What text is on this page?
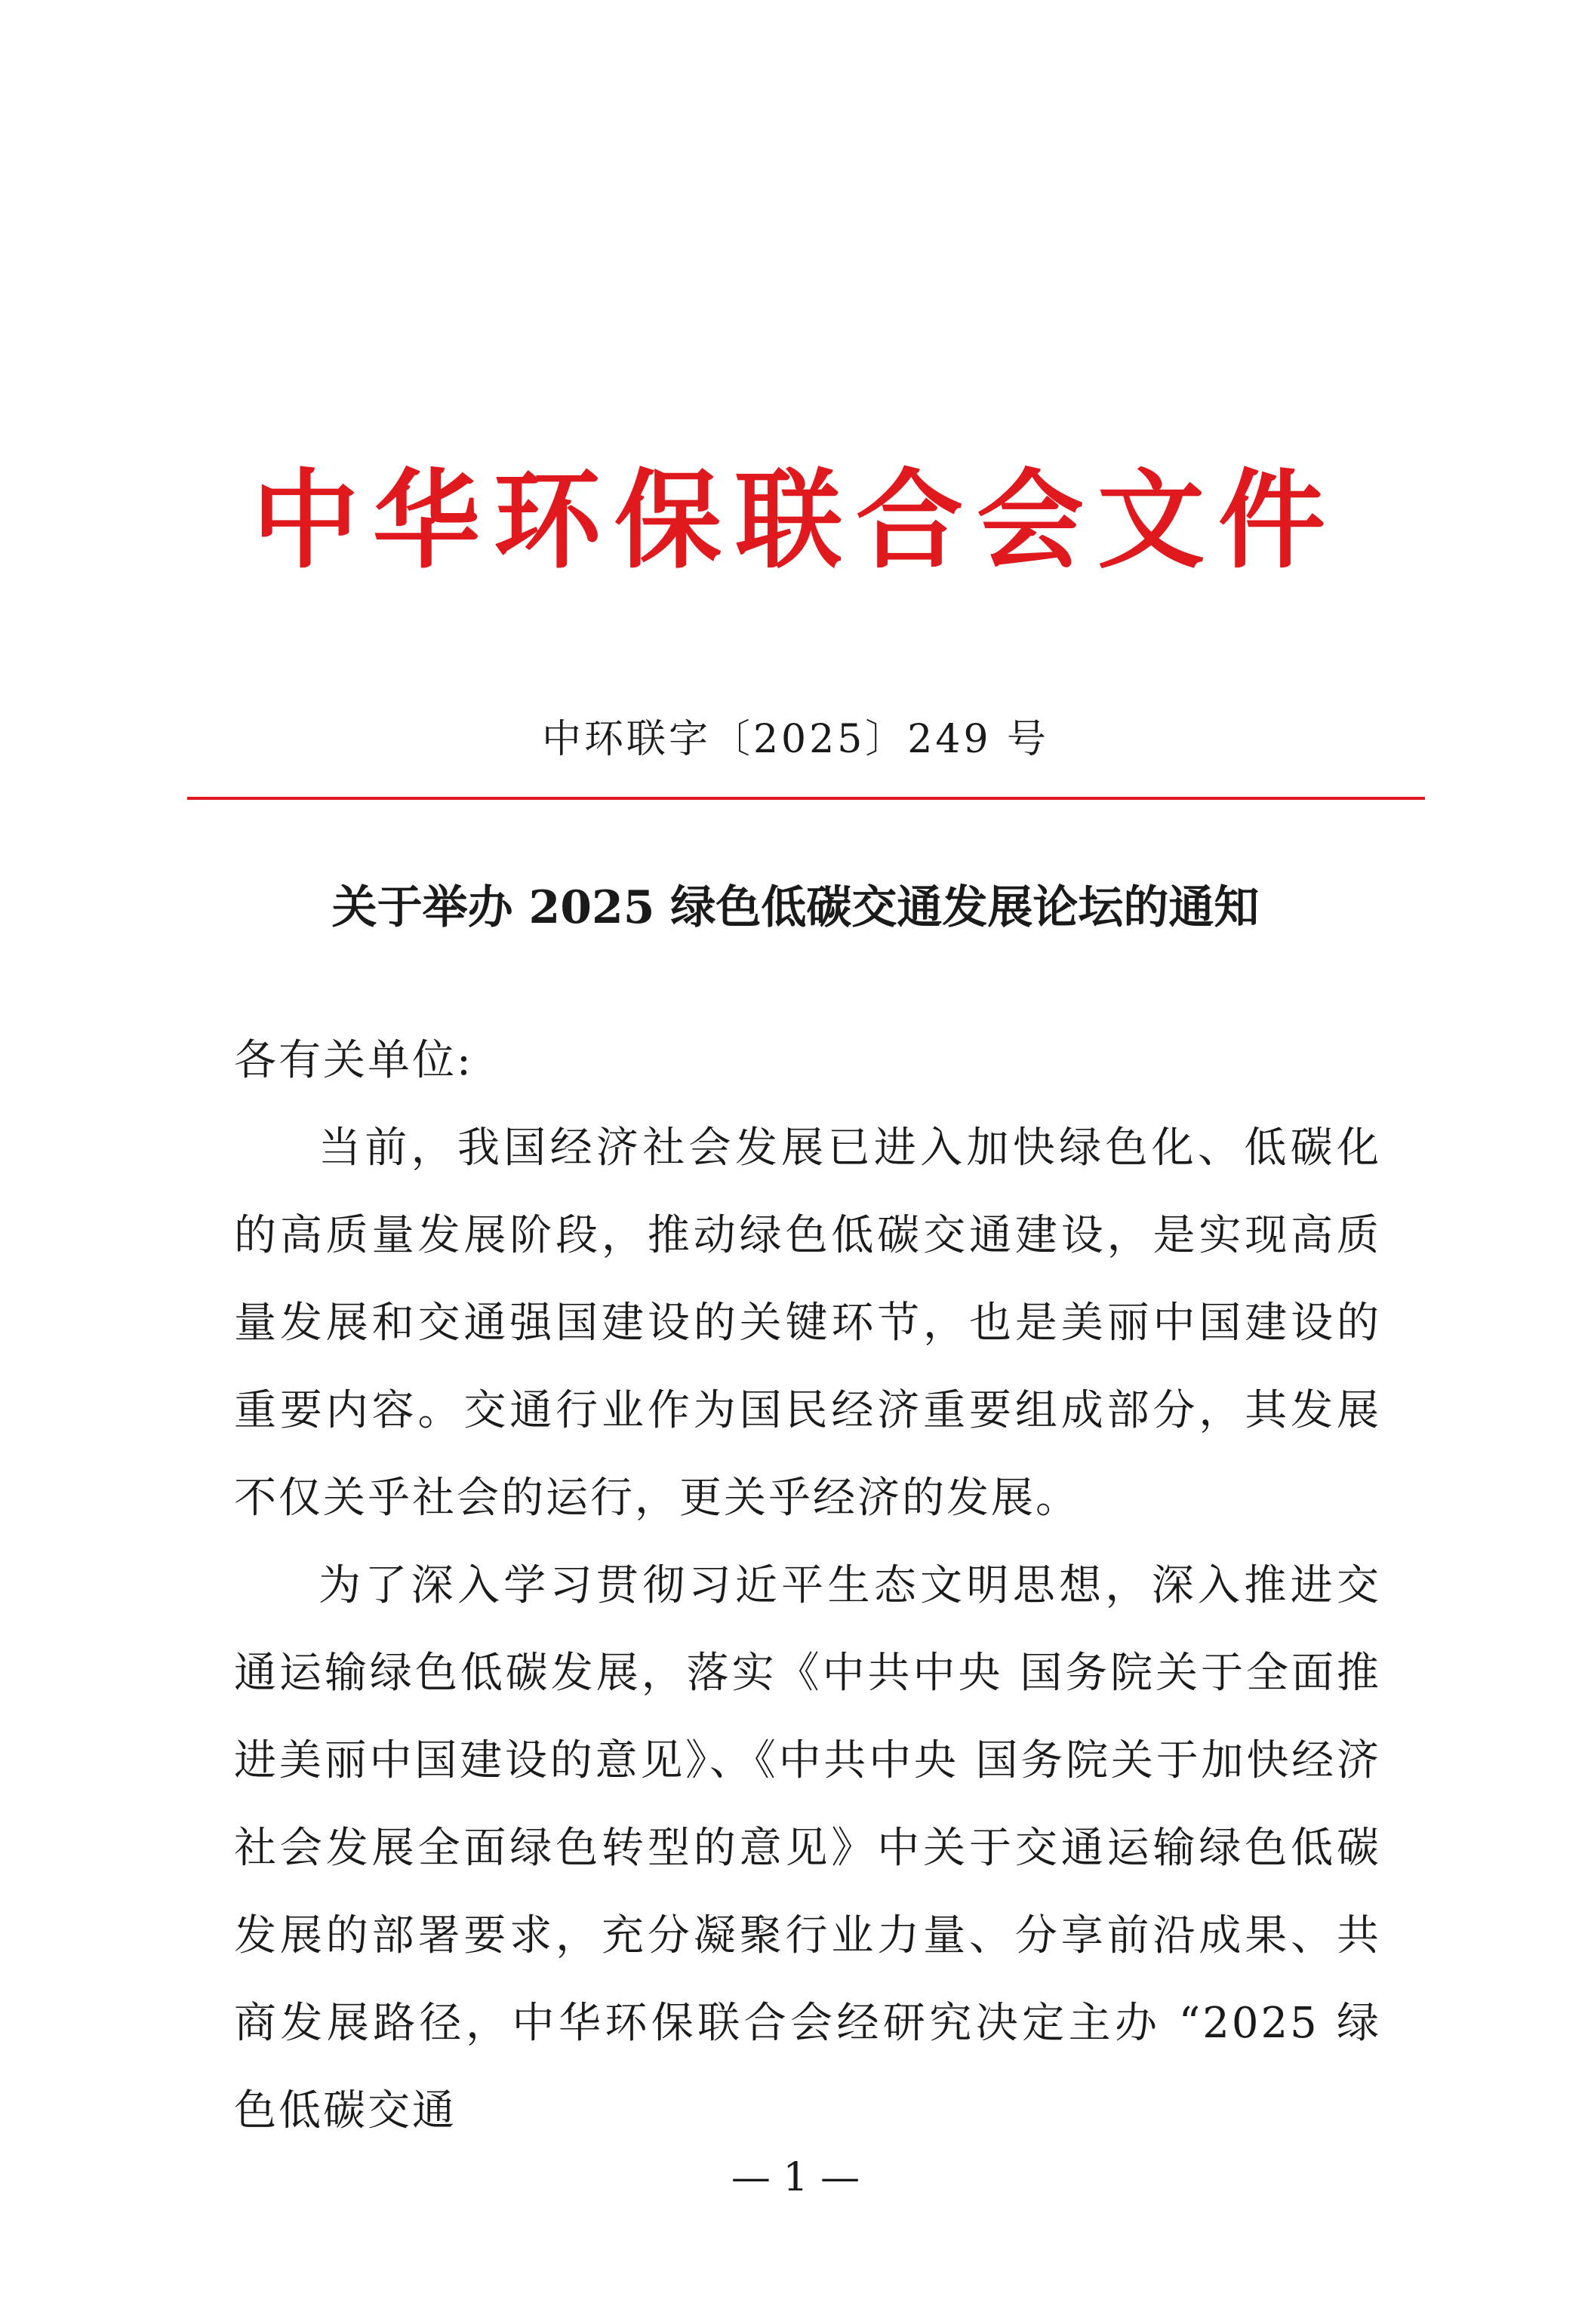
中华环保联合会文件
中环联字〔2025〕249 号
关于举办 2025 绿色低碳交通发展论坛的通知

各有关单位:

当前，我国经济社会发展已进入加快绿色化、低碳化的高质量发展阶段，推动绿色低碳交通建设，是实现高质量发展和交通强国建设的关键环节，也是美丽中国建设的重要内容。交通行业作为国民经济重要组成部分，其发展不仅关乎社会的运行，更关乎经济的发展。

为了深入学习贯彻习近平生态文明思想，深入推进交通运输绿色低碳发展，落实《中共中央 国务院关于全面推进美丽中国建设的意见》、《中共中央 国务院关于加快经济社会发展全面绿色转型的意见》中关于交通运输绿色低碳发展的部署要求，充分凝聚行业力量、分享前沿成果、共商发展路径，中华环保联合会经研究决定主办 “2025 绿色低碳交通

— 1 —
